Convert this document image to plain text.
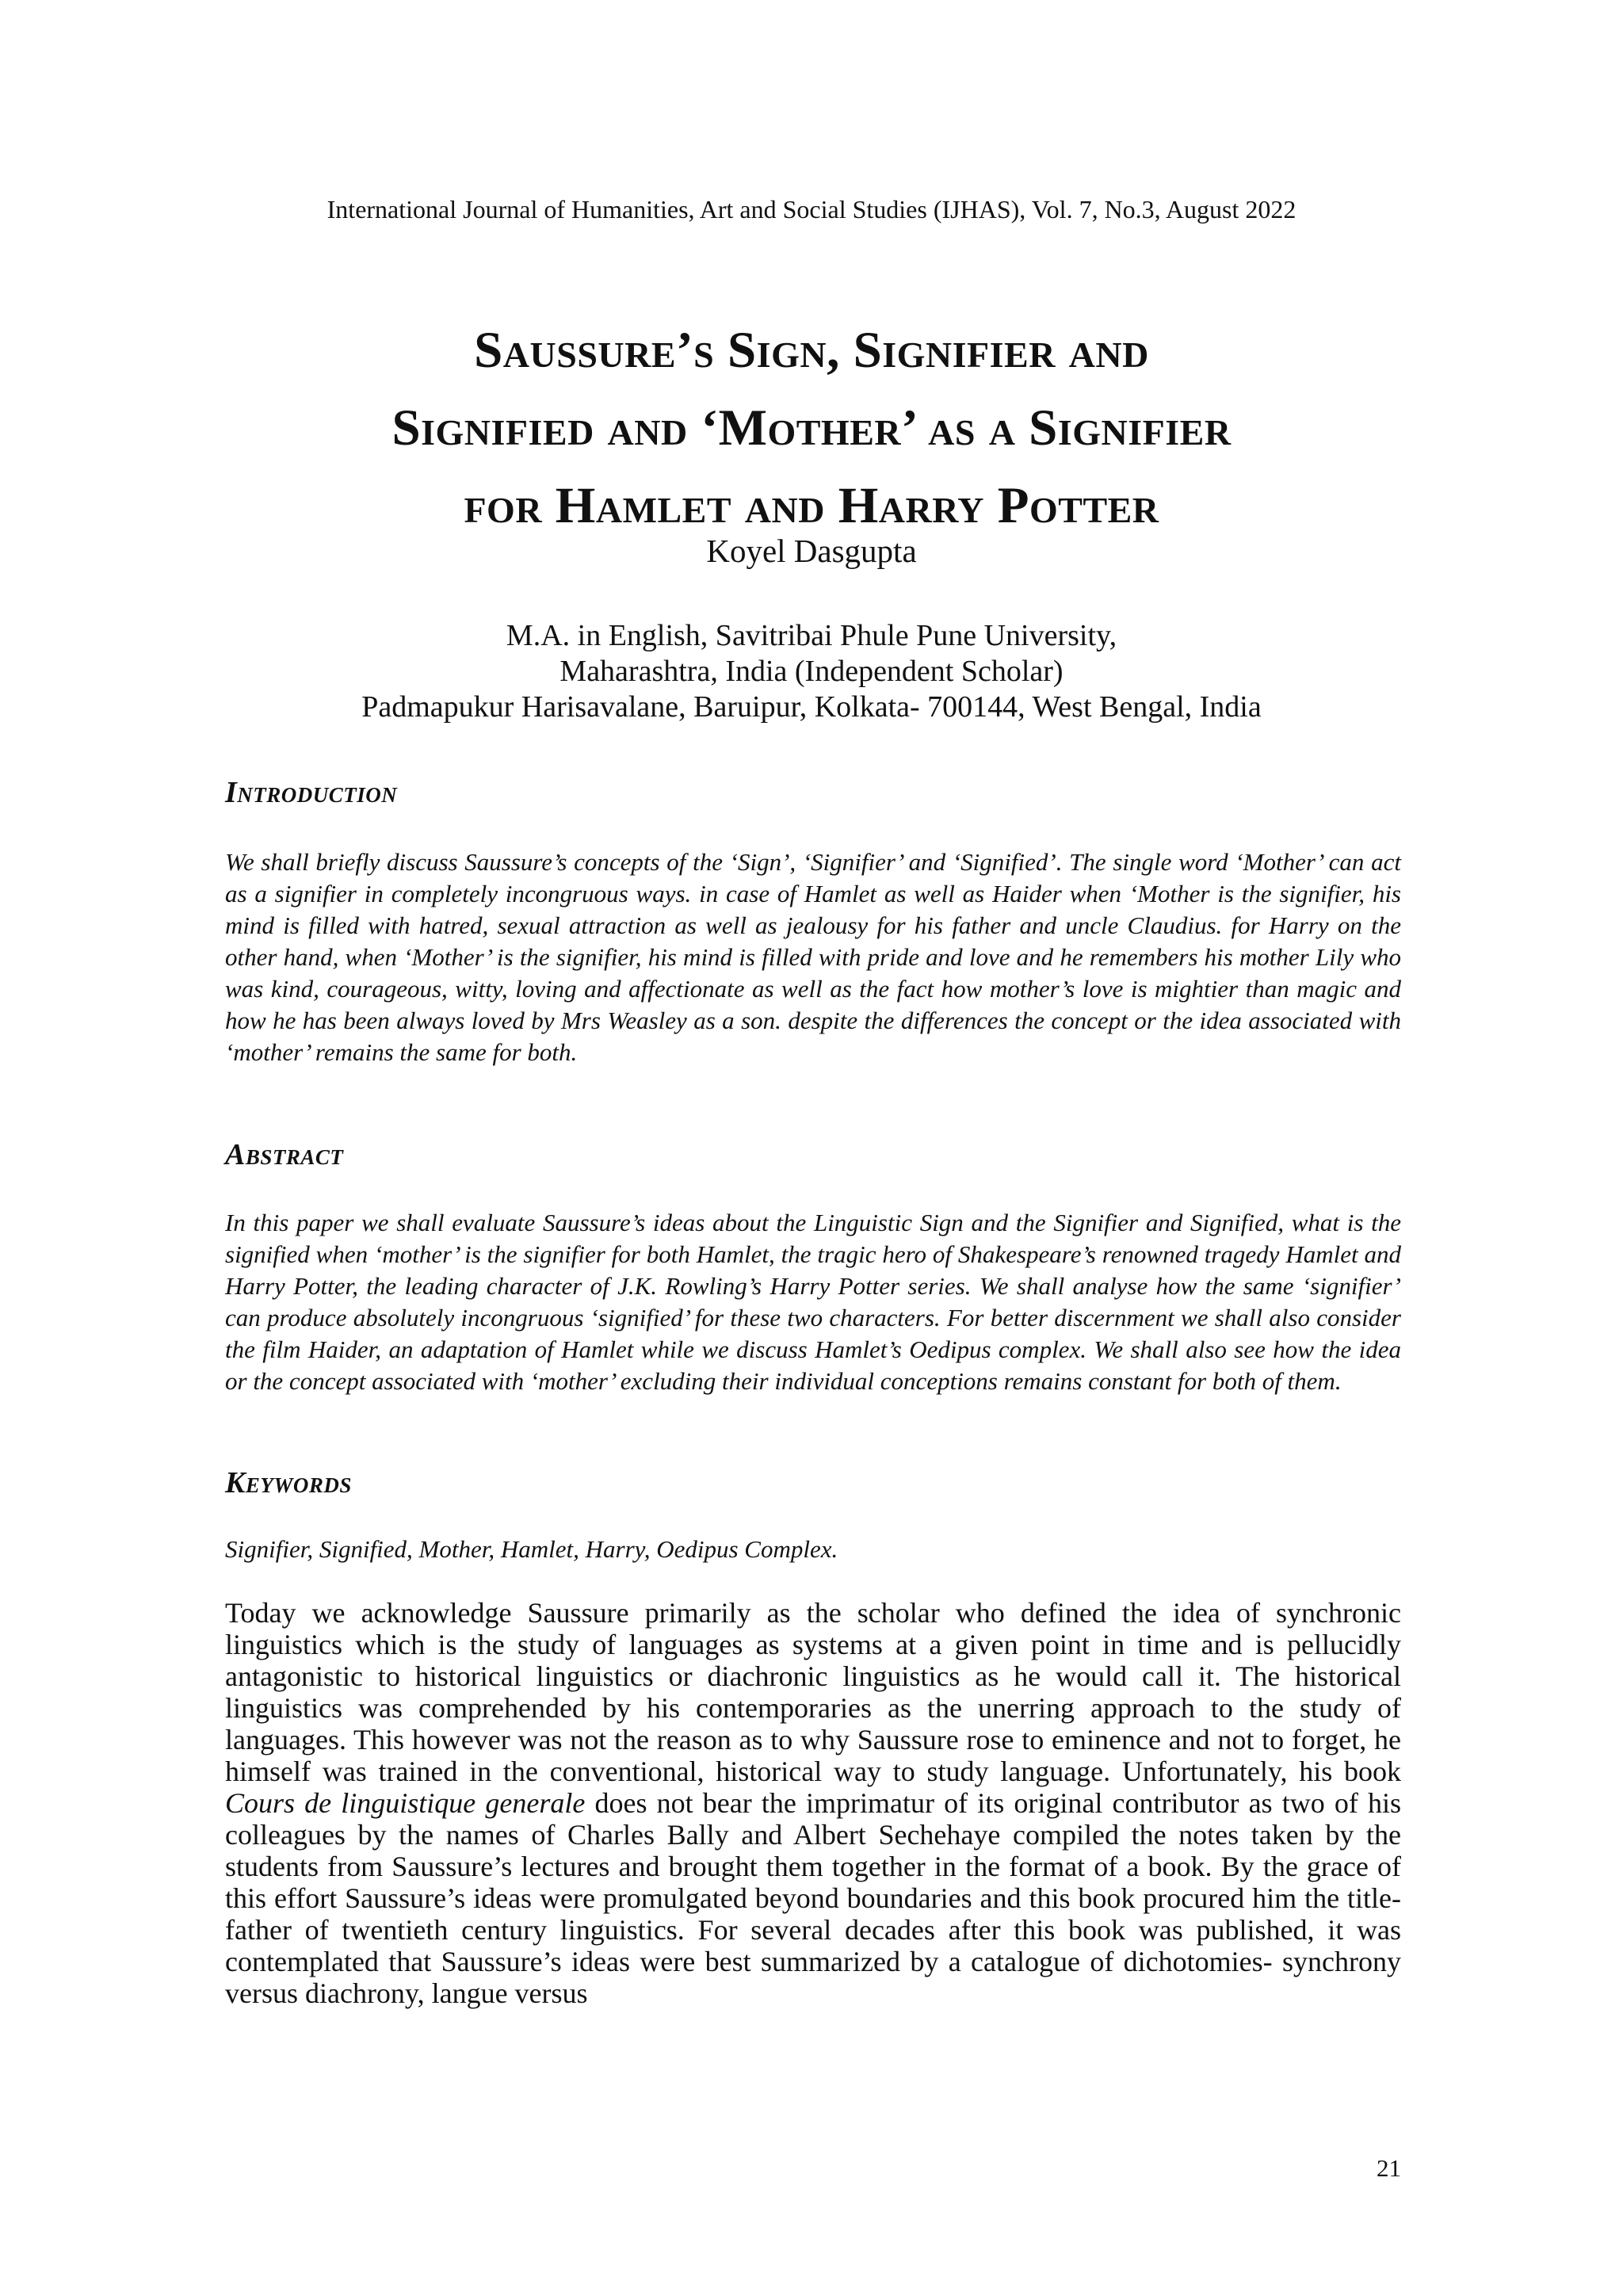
International Journal of Humanities, Art and Social Studies (IJHAS), Vol. 7, No.3, August 2022
Saussure’s Sign, Signifier and
Signified and ‘Mother’ as a Signifier
for Hamlet and Harry Potter
Koyel Dasgupta
M.A. in English, Savitribai Phule Pune University,
Maharashtra, India (Independent Scholar)
Padmapukur Harisavalane, Baruipur, Kolkata- 700144, West Bengal, India
Introduction

We shall briefly discuss Saussure’s concepts of the ‘Sign’, ‘Signifier’ and ‘Signified’. The single word ‘Mother’ can act as a signifier in completely incongruous ways. in case of Hamlet as well as Haider when ‘Mother is the signifier, his mind is filled with hatred, sexual attraction as well as jealousy for his father and uncle Claudius. for Harry on the other hand, when ‘Mother’ is the signifier, his mind is filled with pride and love and he remembers his mother Lily who was kind, courageous, witty, loving and affectionate as well as the fact how mother’s love is mightier than magic and how he has been always loved by Mrs Weasley as a son. despite the differences the concept or the idea associated with ‘mother’ remains the same for both.

Abstract

In this paper we shall evaluate Saussure’s ideas about the Linguistic Sign and the Signifier and Signified, what is the signified when ‘mother’ is the signifier for both Hamlet, the tragic hero of Shakespeare’s renowned tragedy Hamlet and Harry Potter, the leading character of J.K. Rowling’s Harry Potter series. We shall analyse how the same ‘signifier’ can produce absolutely incongruous ‘signified’ for these two characters. For better discernment we shall also consider the film Haider, an adaptation of Hamlet while we discuss Hamlet’s Oedipus complex. We shall also see how the idea or the concept associated with ‘mother’ excluding their individual conceptions remains constant for both of them.

Keywords

Signifier, Signified, Mother, Hamlet, Harry, Oedipus Complex.

Today we acknowledge Saussure primarily as the scholar who defined the idea of synchronic linguistics which is the study of languages as systems at a given point in time and is pellucidly antagonistic to historical linguistics or diachronic linguistics as he would call it. The historical linguistics was comprehended by his contemporaries as the unerring approach to the study of languages. This however was not the reason as to why Saussure rose to eminence and not to forget, he himself was trained in the conventional, historical way to study language. Unfortunately, his book Cours de linguistique generale does not bear the imprimatur of its original contributor as two of his colleagues by the names of Charles Bally and Albert Sechehaye compiled the notes taken by the students from Saussure’s lectures and brought them together in the format of a book. By the grace of this effort Saussure’s ideas were promulgated beyond boundaries and this book procured him the title- father of twentieth century linguistics. For several decades after this book was published, it was contemplated that Saussure’s ideas were best summarized by a catalogue of dichotomies- synchrony versus diachrony, langue versus

21
